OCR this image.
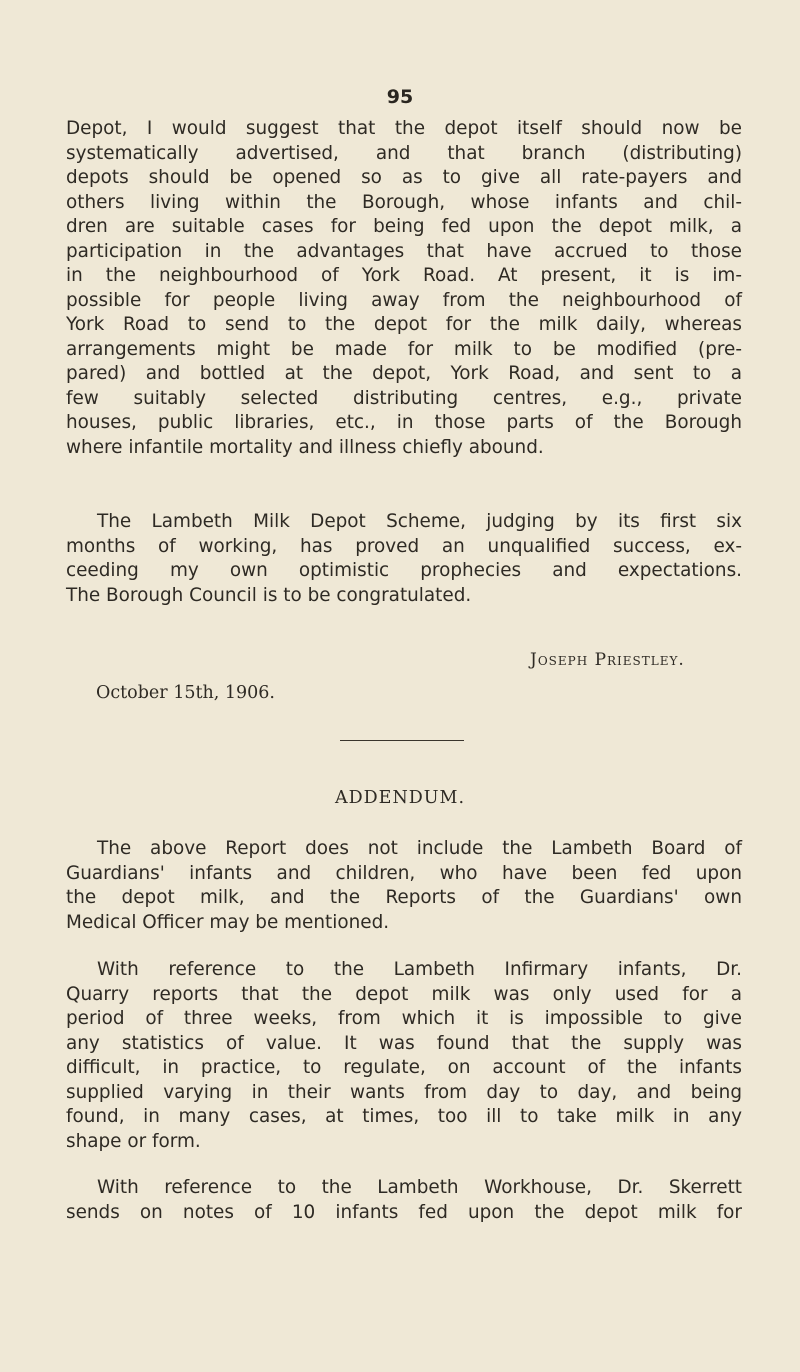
95
Depot, I would suggest that the depot itself should now be
systematically advertised, and that branch (distributing)
depots should be opened so as to give all rate-payers and
others living within the Borough, whose infants and chil-
dren are suitable cases for being fed upon the depot milk, a
participation in the advantages that have accrued to those
in the neighbourhood of York Road. At present, it is im-
possible for people living away from the neighbourhood of
York Road to send to the depot for the milk daily, whereas
arrangements might be made for milk to be modified (pre-
pared) and bottled at the depot, York Road, and sent to a
few suitably selected distributing centres, e.g., private
houses, public libraries, etc., in those parts of the Borough
where infantile mortality and illness chiefly abound.
The Lambeth Milk Depot Scheme, judging by its first six
months of working, has proved an unqualified success, ex-
ceeding my own optimistic prophecies and expectations.
The Borough Council is to be congratulated.
Joseph Priestley.
October 15th, 1906.
ADDENDUM.
The above Report does not include the Lambeth Board of
Guardians' infants and children, who have been fed upon
the depot milk, and the Reports of the Guardians' own
Medical Officer may be mentioned.
With reference to the Lambeth Infirmary infants, Dr.
Quarry reports that the depot milk was only used for a
period of three weeks, from which it is impossible to give
any statistics of value. It was found that the supply was
difficult, in practice, to regulate, on account of the infants
supplied varying in their wants from day to day, and being
found, in many cases, at times, too ill to take milk in any
shape or form.
With reference to the Lambeth Workhouse, Dr. Skerrett
sends on notes of 10 infants fed upon the depot milk for
